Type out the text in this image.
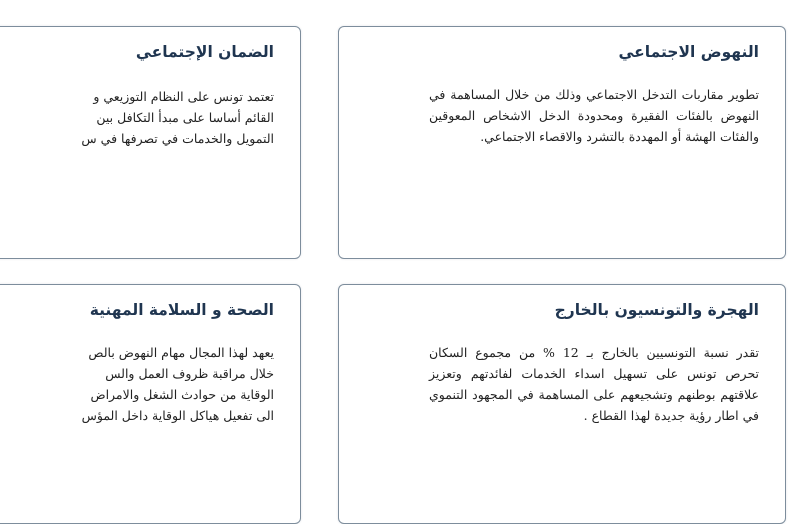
النهوض الاجتماعي
تطوير مقاربات التدخل الاجتماعي وذلك من خلال المساهمة في النهوض بالفئات الفقيرة ومحدودة الدخل الاشخاص المعوقين والفئات الهشة أو المهددة بالتشرد والاقصاء الاجتماعي.
الضمان الإجتماعي
تعتمد تونس على النظام التوزيعي و
القائم أساسا على مبدأ التكافل بين
التمويل والخدمات في تصرفها في س
الهجرة والتونسيون بالخارج
تقدر نسبة التونسيين بالخارج بـ 12 % من مجموع السكان تحرص تونس على تسهيل اسداء الخدمات لفائدتهم وتعزيز علاقتهم بوطنهم وتشجيعهم على المساهمة في المجهود التنموي في اطار رؤية جديدة لهذا القطاع .
الصحة و السلامة المهنية
يعهد لهذا المجال مهام النهوض بالص
خلال مراقبة ظروف العمل والس
الوقاية من حوادث الشغل والامراض
الى تفعيل هياكل الوقاية داخل المؤس
